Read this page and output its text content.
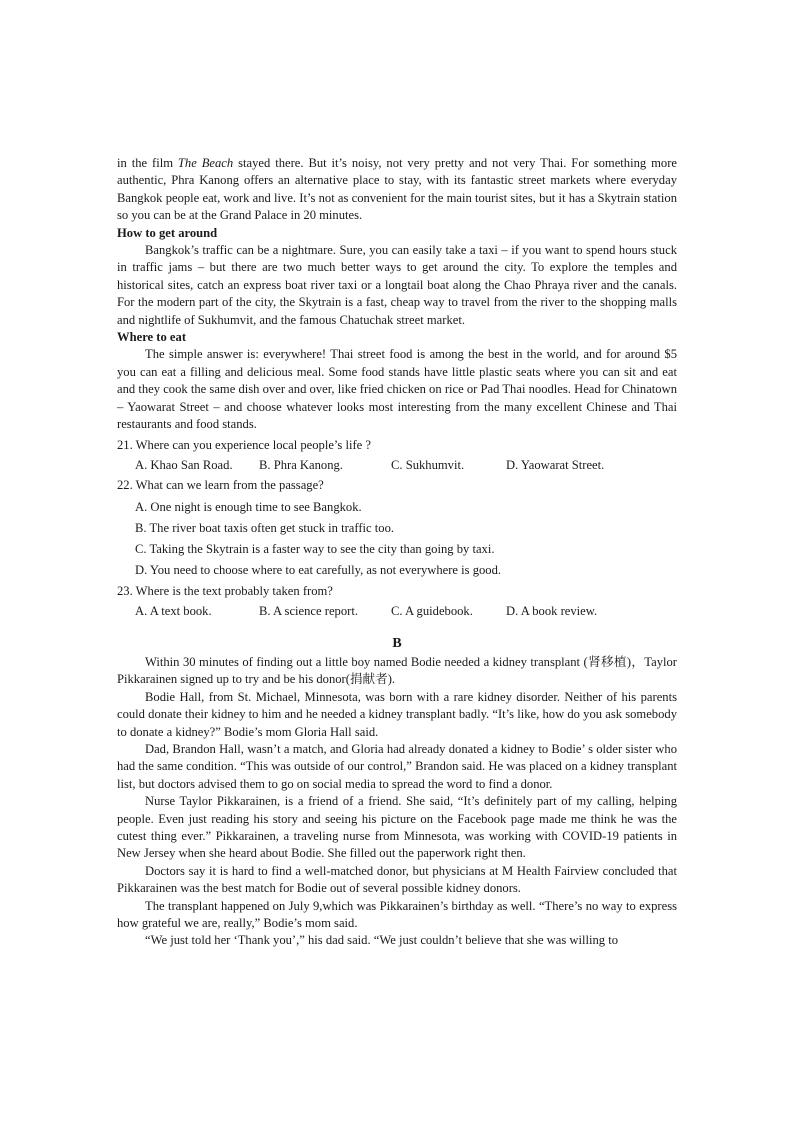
in the film The Beach stayed there. But it’s noisy, not very pretty and not very Thai. For something more authentic, Phra Kanong offers an alternative place to stay, with its fantastic street markets where everyday Bangkok people eat, work and live. It’s not as convenient for the main tourist sites, but it has a Skytrain station so you can be at the Grand Palace in 20 minutes.

How to get around

Bangkok’s traffic can be a nightmare. Sure, you can easily take a taxi – if you want to spend hours stuck in traffic jams – but there are two much better ways to get around the city. To explore the temples and historical sites, catch an express boat river taxi or a longtail boat along the Chao Phraya river and the canals. For the modern part of the city, the Skytrain is a fast, cheap way to travel from the river to the shopping malls and nightlife of Sukhumvit, and the famous Chatuchak street market.

Where to eat

The simple answer is: everywhere! Thai street food is among the best in the world, and for around $5 you can eat a filling and delicious meal. Some food stands have little plastic seats where you can sit and eat and they cook the same dish over and over, like fried chicken on rice or Pad Thai noodles. Head for Chinatown – Yaowarat Street – and choose whatever looks most interesting from the many excellent Chinese and Thai restaurants and food stands.

21. Where can you experience local people’s life ?

A. Khao San Road.	B. Phra Kanong.	C. Sukhumvit.	D. Yaowarat Street.

22. What can we learn from the passage?

A. One night is enough time to see Bangkok.
B. The river boat taxis often get stuck in traffic too.
C. Taking the Skytrain is a faster way to see the city than going by taxi.
D. You need to choose where to eat carefully, as not everywhere is good.

23. Where is the text probably taken from?

A. A text book.	B. A science report.	C. A guidebook.	D. A book review.
B

Within 30 minutes of finding out a little boy named Bodie needed a kidney transplant (肾移植)，Taylor Pikkarainen signed up to try and be his donor(捐献者).

Bodie Hall, from St. Michael, Minnesota, was born with a rare kidney disorder. Neither of his parents could donate their kidney to him and he needed a kidney transplant badly. “It’s like, how do you ask somebody to donate a kidney?” Bodie’s mom Gloria Hall said.

Dad, Brandon Hall, wasn’t a match, and Gloria had already donated a kidney to Bodie’ s older sister who had the same condition. “This was outside of our control,” Brandon said. He was placed on a kidney transplant list, but doctors advised them to go on social media to spread the word to find a donor.

Nurse Taylor Pikkarainen, is a friend of a friend. She said, “It’s definitely part of my calling, helping people. Even just reading his story and seeing his picture on the Facebook page made me think he was the cutest thing ever.” Pikkarainen, a traveling nurse from Minnesota, was working with COVID-19 patients in New Jersey when she heard about Bodie. She filled out the paperwork right then.

Doctors say it is hard to find a well-matched donor, but physicians at M Health Fairview concluded that Pikkarainen was the best match for Bodie out of several possible kidney donors.

The transplant happened on July 9,which was Pikkarainen’s birthday as well. “There’s no way to express how grateful we are, really,” Bodie’s mom said.

“We just told her ‘Thank you’,” his dad said. “We just couldn’t believe that she was willing to
